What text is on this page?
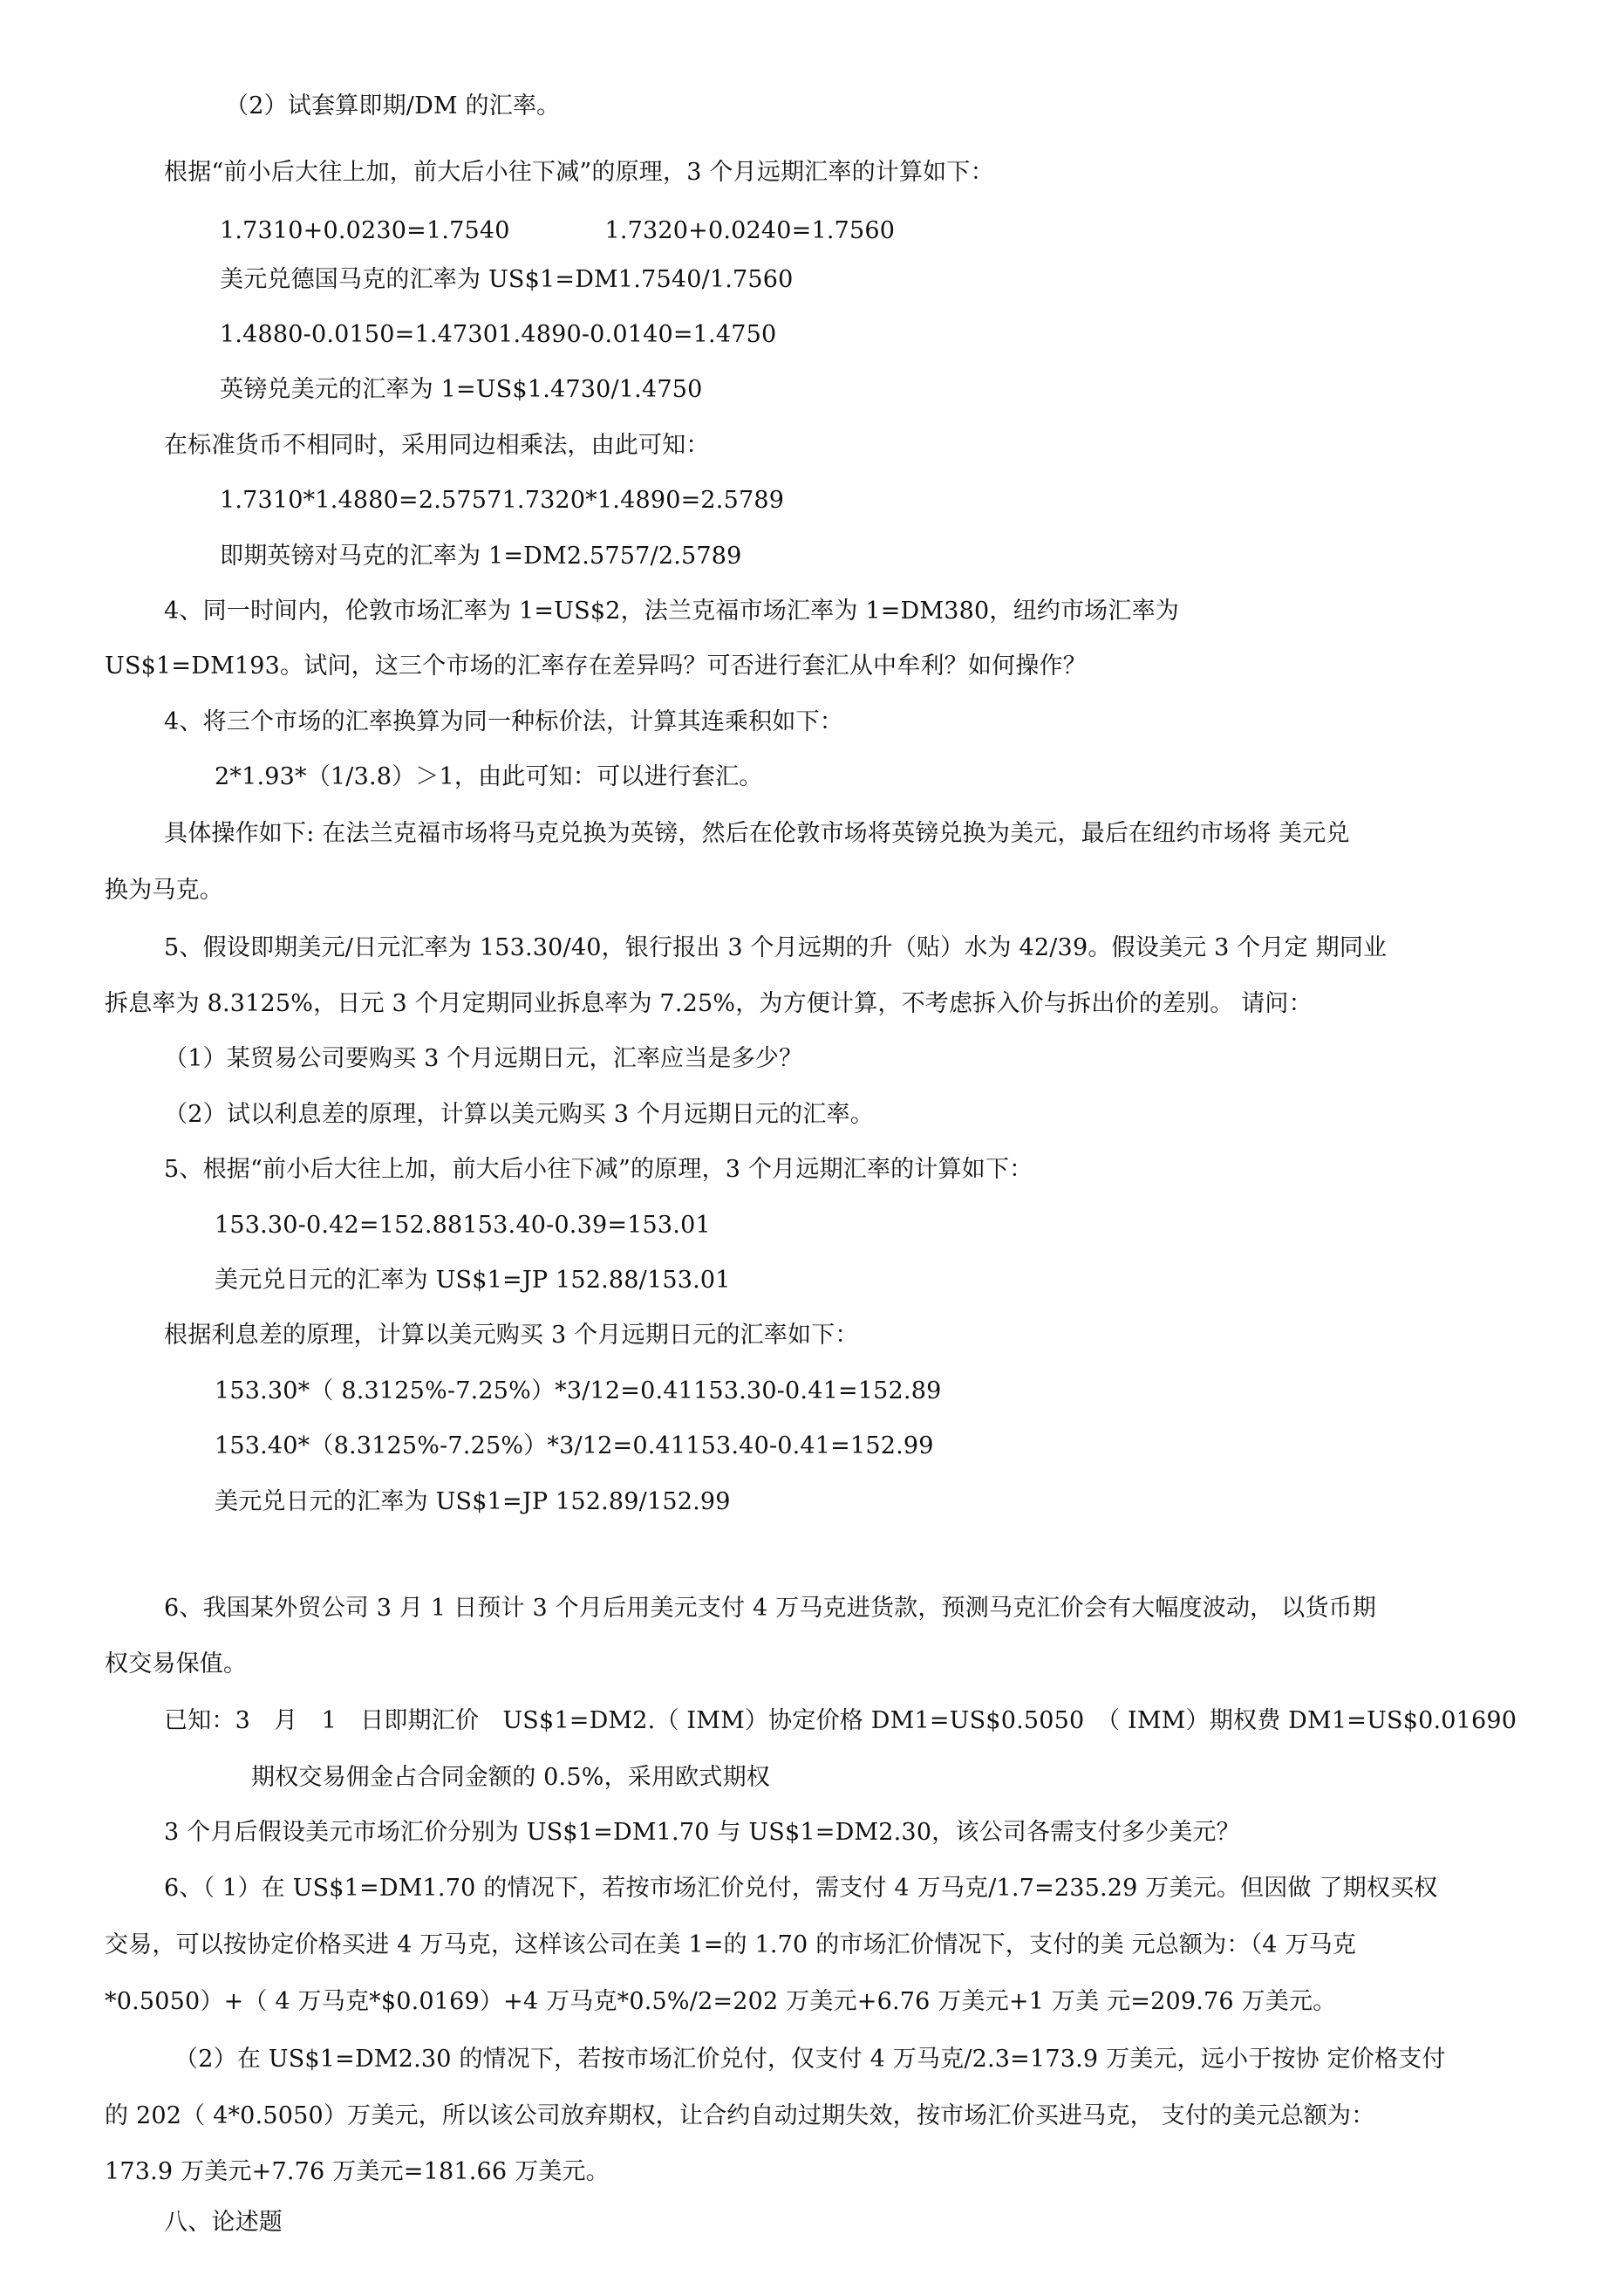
（2）试套算即期/DM 的汇率。
根据“前小后大往上加，前大后小往下减”的原理，3 个月远期汇率的计算如下：
1.7310+0.0230=1.7540　　　　1.7320+0.0240=1.7560
美元兑德国马克的汇率为 US$1=DM1.7540/1.7560
1.4880-0.0150=1.47301.4890-0.0140=1.4750
英镑兑美元的汇率为 1=US$1.4730/1.4750
在标准货币不相同时，采用同边相乘法，由此可知：
1.7310*1.4880=2.57571.7320*1.4890=2.5789
即期英镑对马克的汇率为 1=DM2.5757/2.5789
4、同一时间内，伦敦市场汇率为 1=US$2，法兰克福市场汇率为 1=DM380，纽约市场汇率为
US$1=DM193。试问，这三个市场的汇率存在差异吗？可否进行套汇从中牟利？如何操作？
4、将三个市场的汇率换算为同一种标价法，计算其连乘积如下：
2*1.93*（1/3.8）＞1，由此可知：可以进行套汇。
具体操作如下: 在法兰克福市场将马克兑换为英镑，然后在伦敦市场将英镑兑换为美元，最后在纽约市场将 美元兑
换为马克。
5、假设即期美元/日元汇率为 153.30/40，银行报出 3 个月远期的升（贴）水为 42/39。假设美元 3 个月定 期同业
拆息率为 8.3125%，日元 3 个月定期同业拆息率为 7.25%，为方便计算，不考虑拆入价与拆出价的差别。 请问：
（1）某贸易公司要购买 3 个月远期日元，汇率应当是多少？
（2）试以利息差的原理，计算以美元购买 3 个月远期日元的汇率。
5、根据“前小后大往上加，前大后小往下减”的原理，3 个月远期汇率的计算如下：
153.30-0.42=152.88153.40-0.39=153.01
美元兑日元的汇率为 US$1=JP 152.88/153.01
根据利息差的原理，计算以美元购买 3 个月远期日元的汇率如下：
153.30*（ 8.3125%-7.25%）*3/12=0.41153.30-0.41=152.89
153.40*（8.3125%-7.25%）*3/12=0.41153.40-0.41=152.99
美元兑日元的汇率为 US$1=JP 152.89/152.99
6、我国某外贸公司 3 月 1 日预计 3 个月后用美元支付 4 万马克进货款，预测马克汇价会有大幅度波动， 以货币期
权交易保值。
已知：3　月　1　日即期汇价　US$1=DM2.（ IMM）协定价格 DM1=US$0.5050　（ IMM）期权费 DM1=US$0.01690
期权交易佣金占合同金额的 0.5%，采用欧式期权
3 个月后假设美元市场汇价分别为 US$1=DM1.70 与 US$1=DM2.30，该公司各需支付多少美元？
6、（ 1）在 US$1=DM1.70 的情况下，若按市场汇价兑付，需支付 4 万马克/1.7=235.29 万美元。但因做 了期权买权
交易，可以按协定价格买进 4 万马克，这样该公司在美 1=的 1.70 的市场汇价情况下，支付的美 元总额为：（4 万马克
*0.5050）+（ 4 万马克*$0.0169）+4 万马克*0.5%/2=202 万美元+6.76 万美元+1 万美 元=209.76 万美元。
（2）在 US$1=DM2.30 的情况下，若按市场汇价兑付，仅支付 4 万马克/2.3=173.9 万美元，远小于按协 定价格支付
的 202（ 4*0.5050）万美元，所以该公司放弃期权，让合约自动过期失效，按市场汇价买进马克， 支付的美元总额为：
173.9 万美元+7.76 万美元=181.66 万美元。
八、论述题
